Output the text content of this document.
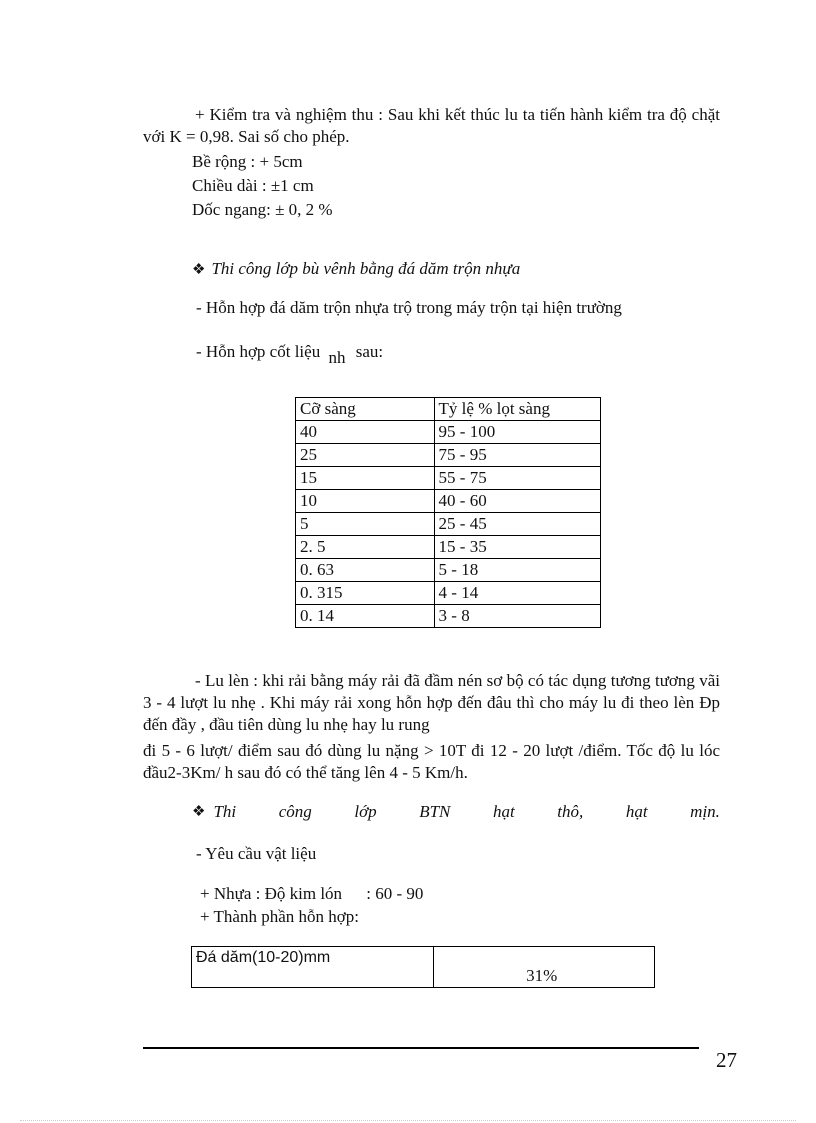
+ Kiểm tra và nghiệm thu : Sau khi kết thúc lu ta tiến hành kiểm tra độ chặt với K = 0,98. Sai số cho phép.
Bề rộng : + 5cm
Chiều dài : ±1 cm
Dốc ngang: ± 0, 2 %
❖ Thi công lớp bù vênh bằng đá dăm trộn nhựa
- Hỗn hợp đá dăm trộn nhựa trộ trong máy trộn tại hiện trường
- Hỗn hợp cốt liệu nh sau:
Cỡ sàng	Tỷ lệ % lọt sàng
40	95 - 100
25	75 - 95
15	55 - 75
10	40 - 60
5	25 - 45
2. 5	15 - 35
0. 63	5 - 18
0. 315	4 - 14
0. 14	3 - 8
- Lu lèn : khi rải bằng máy rải đã đầm nén sơ bộ có tác dụng tương tương vãi 3 - 4 lượt lu nhẹ . Khi máy rải xong hỗn hợp đến đâu thì cho máy lu đi theo lèn Đp đến đầy , đầu tiên dùng lu nhẹ hay lu rung
đi 5 - 6 lượt/ điểm sau đó dùng lu nặng > 10T đi 12 - 20 lượt /điểm. Tốc độ lu lóc đầu2-3Km/ h sau đó có thể tăng lên 4 - 5 Km/h.
❖ Thi	công	lớp	BTN	hạt	thô,	hạt	mịn.
- Yêu cầu vật liệu
+ Nhựa : Độ kim lón : 60 - 90
+ Thành phần hỗn hợp:
Đá dăm(10-20)mm	31%
27
